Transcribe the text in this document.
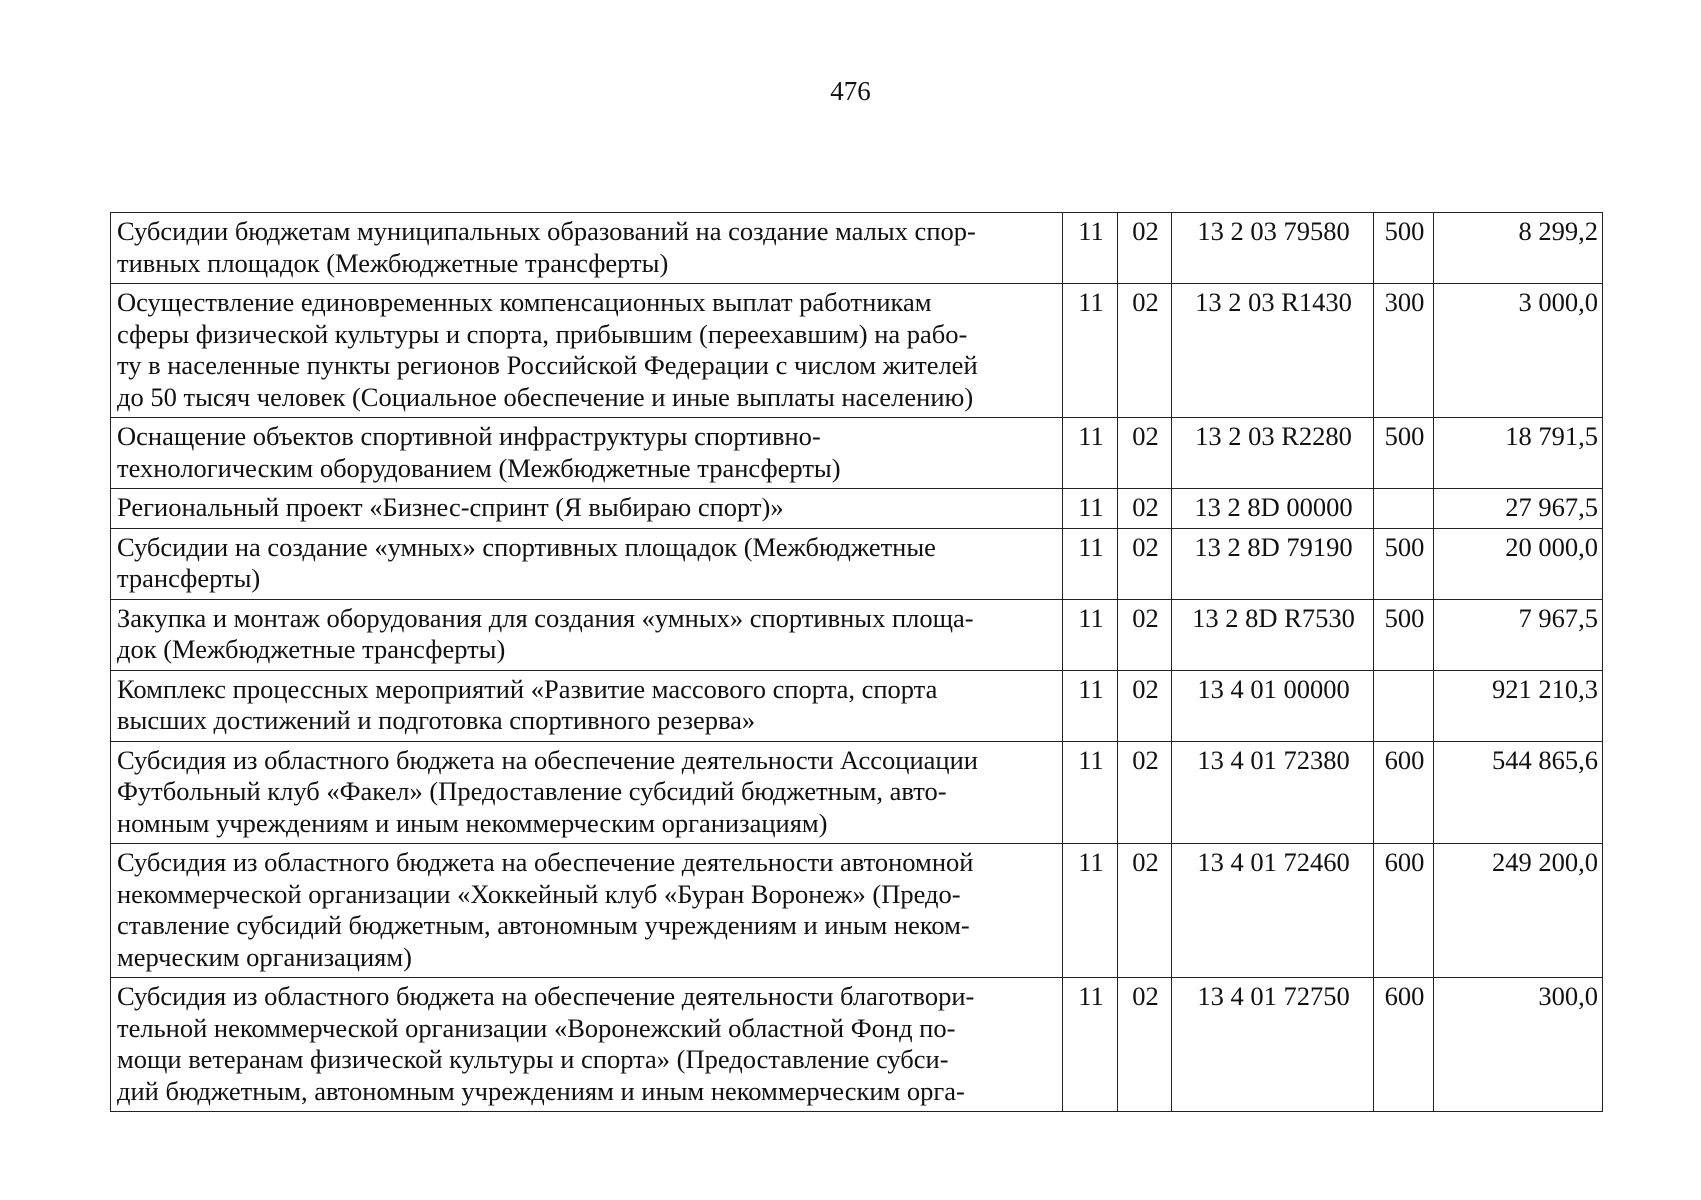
476
Субсидии бюджетам муниципальных образований на создание малых спор-
тивных площадок (Межбюджетные трансферты)	11	02	13 2 03 79580	500	8 299,2

Осуществление единовременных компенсационных выплат работникам
сферы физической культуры и спорта, прибывшим (переехавшим) на рабо-
ту в населенные пункты регионов Российской Федерации с числом жителей
до 50 тысяч человек (Социальное обеспечение и иные выплаты населению)	11	02	13 2 03 R1430	300	3 000,0

Оснащение объектов спортивной инфраструктуры спортивно-
технологическим оборудованием (Межбюджетные трансферты)	11	02	13 2 03 R2280	500	18 791,5

Региональный проект «Бизнес-спринт (Я выбираю спорт)»	11	02	13 2 8D 00000		27 967,5

Субсидии на создание «умных» спортивных площадок (Межбюджетные
трансферты)	11	02	13 2 8D 79190	500	20 000,0

Закупка и монтаж оборудования для создания «умных» спортивных площа-
док (Межбюджетные трансферты)	11	02	13 2 8D R7530	500	7 967,5

Комплекс процессных мероприятий «Развитие массового спорта, спорта
высших достижений и подготовка спортивного резерва»	11	02	13 4 01 00000		921 210,3

Субсидия из областного бюджета на обеспечение деятельности Ассоциации
Футбольный клуб «Факел» (Предоставление субсидий бюджетным, авто-
номным учреждениям и иным некоммерческим организациям)	11	02	13 4 01 72380	600	544 865,6

Субсидия из областного бюджета на обеспечение деятельности автономной
некоммерческой организации «Хоккейный клуб «Буран Воронеж» (Предо-
ставление субсидий бюджетным, автономным учреждениям и иным неком-
мерческим организациям)	11	02	13 4 01 72460	600	249 200,0

Субсидия из областного бюджета на обеспечение деятельности благотвори-
тельной некоммерческой организации «Воронежский областной Фонд по-
мощи ветеранам физической культуры и спорта» (Предоставление субси-
дий бюджетным, автономным учреждениям и иным некоммерческим орга-	11	02	13 4 01 72750	600	300,0
